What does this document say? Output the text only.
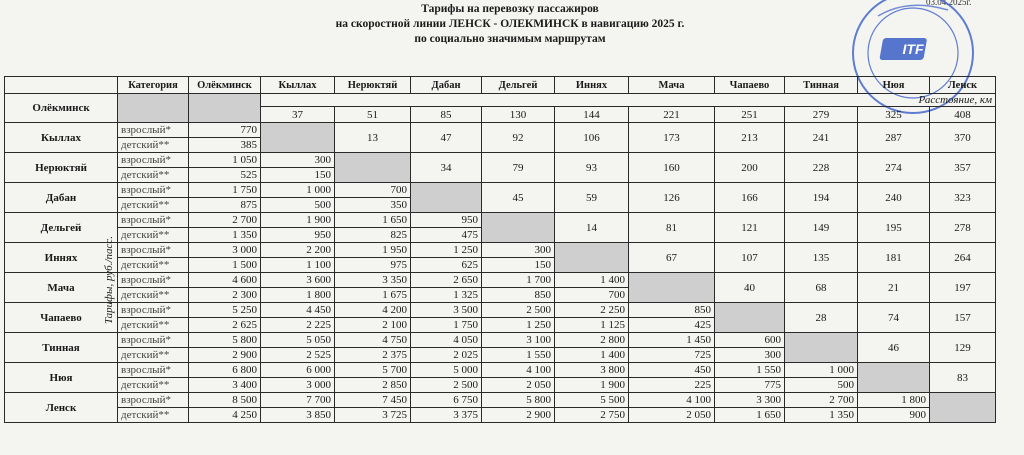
Тарифы на перевозку пассажиров
на скоростной линии ЛЕНСК - ОЛЕКМИНСК в навигацию 2025 г.
по социально значимым маршрутам
03.04.2025г.
ITF
	Категория	Олёкминск	Кыллах	Нерюктяй	Дабан	Дельгей	Иннях	Мача	Чапаево	Тинная	Нюя	Ленск
Олёкминск			Расстояние, км									
			37	51	85	130	144	221	251	279	325	408
Кыллах	взрослый*	770		13	47	92	106	173	213	241	287	370
	детский**	385										
Нерюктяй	взрослый*	1 050	300		34	79	93	160	200	228	274	357
	детский**	525	150									
Дабан	взрослый*	1 750	1 000	700		45	59	126	166	194	240	323
	детский**	875	500	350								
Дельгей	взрослый*	2 700	1 900	1 650	950		14	81	121	149	195	278
	детский**	1 350	950	825	475							
Иннях	взрослый*	3 000	2 200	1 950	1 250	300		67	107	135	181	264
	детский**	1 500	1 100	975	625	150						
Мача	взрослый*	4 600	3 600	3 350	2 650	1 700	1 400		40	68	21	197
	детский**	2 300	1 800	1 675	1 325	850	700					
Чапаево	взрослый*	5 250	4 450	4 200	3 500	2 500	2 250	850		28	74	157
	детский**	2 625	2 225	2 100	1 750	1 250	1 125	425				
Тинная	взрослый*	5 800	5 050	4 750	4 050	3 100	2 800	1 450	600		46	129
	детский**	2 900	2 525	2 375	2 025	1 550	1 400	725	300			
Нюя	взрослый*	6 800	6 000	5 700	5 000	4 100	3 800	450	1 550	1 000		83
	детский**	3 400	3 000	2 850	2 500	2 050	1 900	225	775	500		
Ленск	взрослый*	8 500	7 700	7 450	6 750	5 800	5 500	4 100	3 300	2 700	1 800	
	детский**	4 250	3 850	3 725	3 375	2 900	2 750	2 050	1 650	1 350	900	
Тарифы, руб./пасс.
